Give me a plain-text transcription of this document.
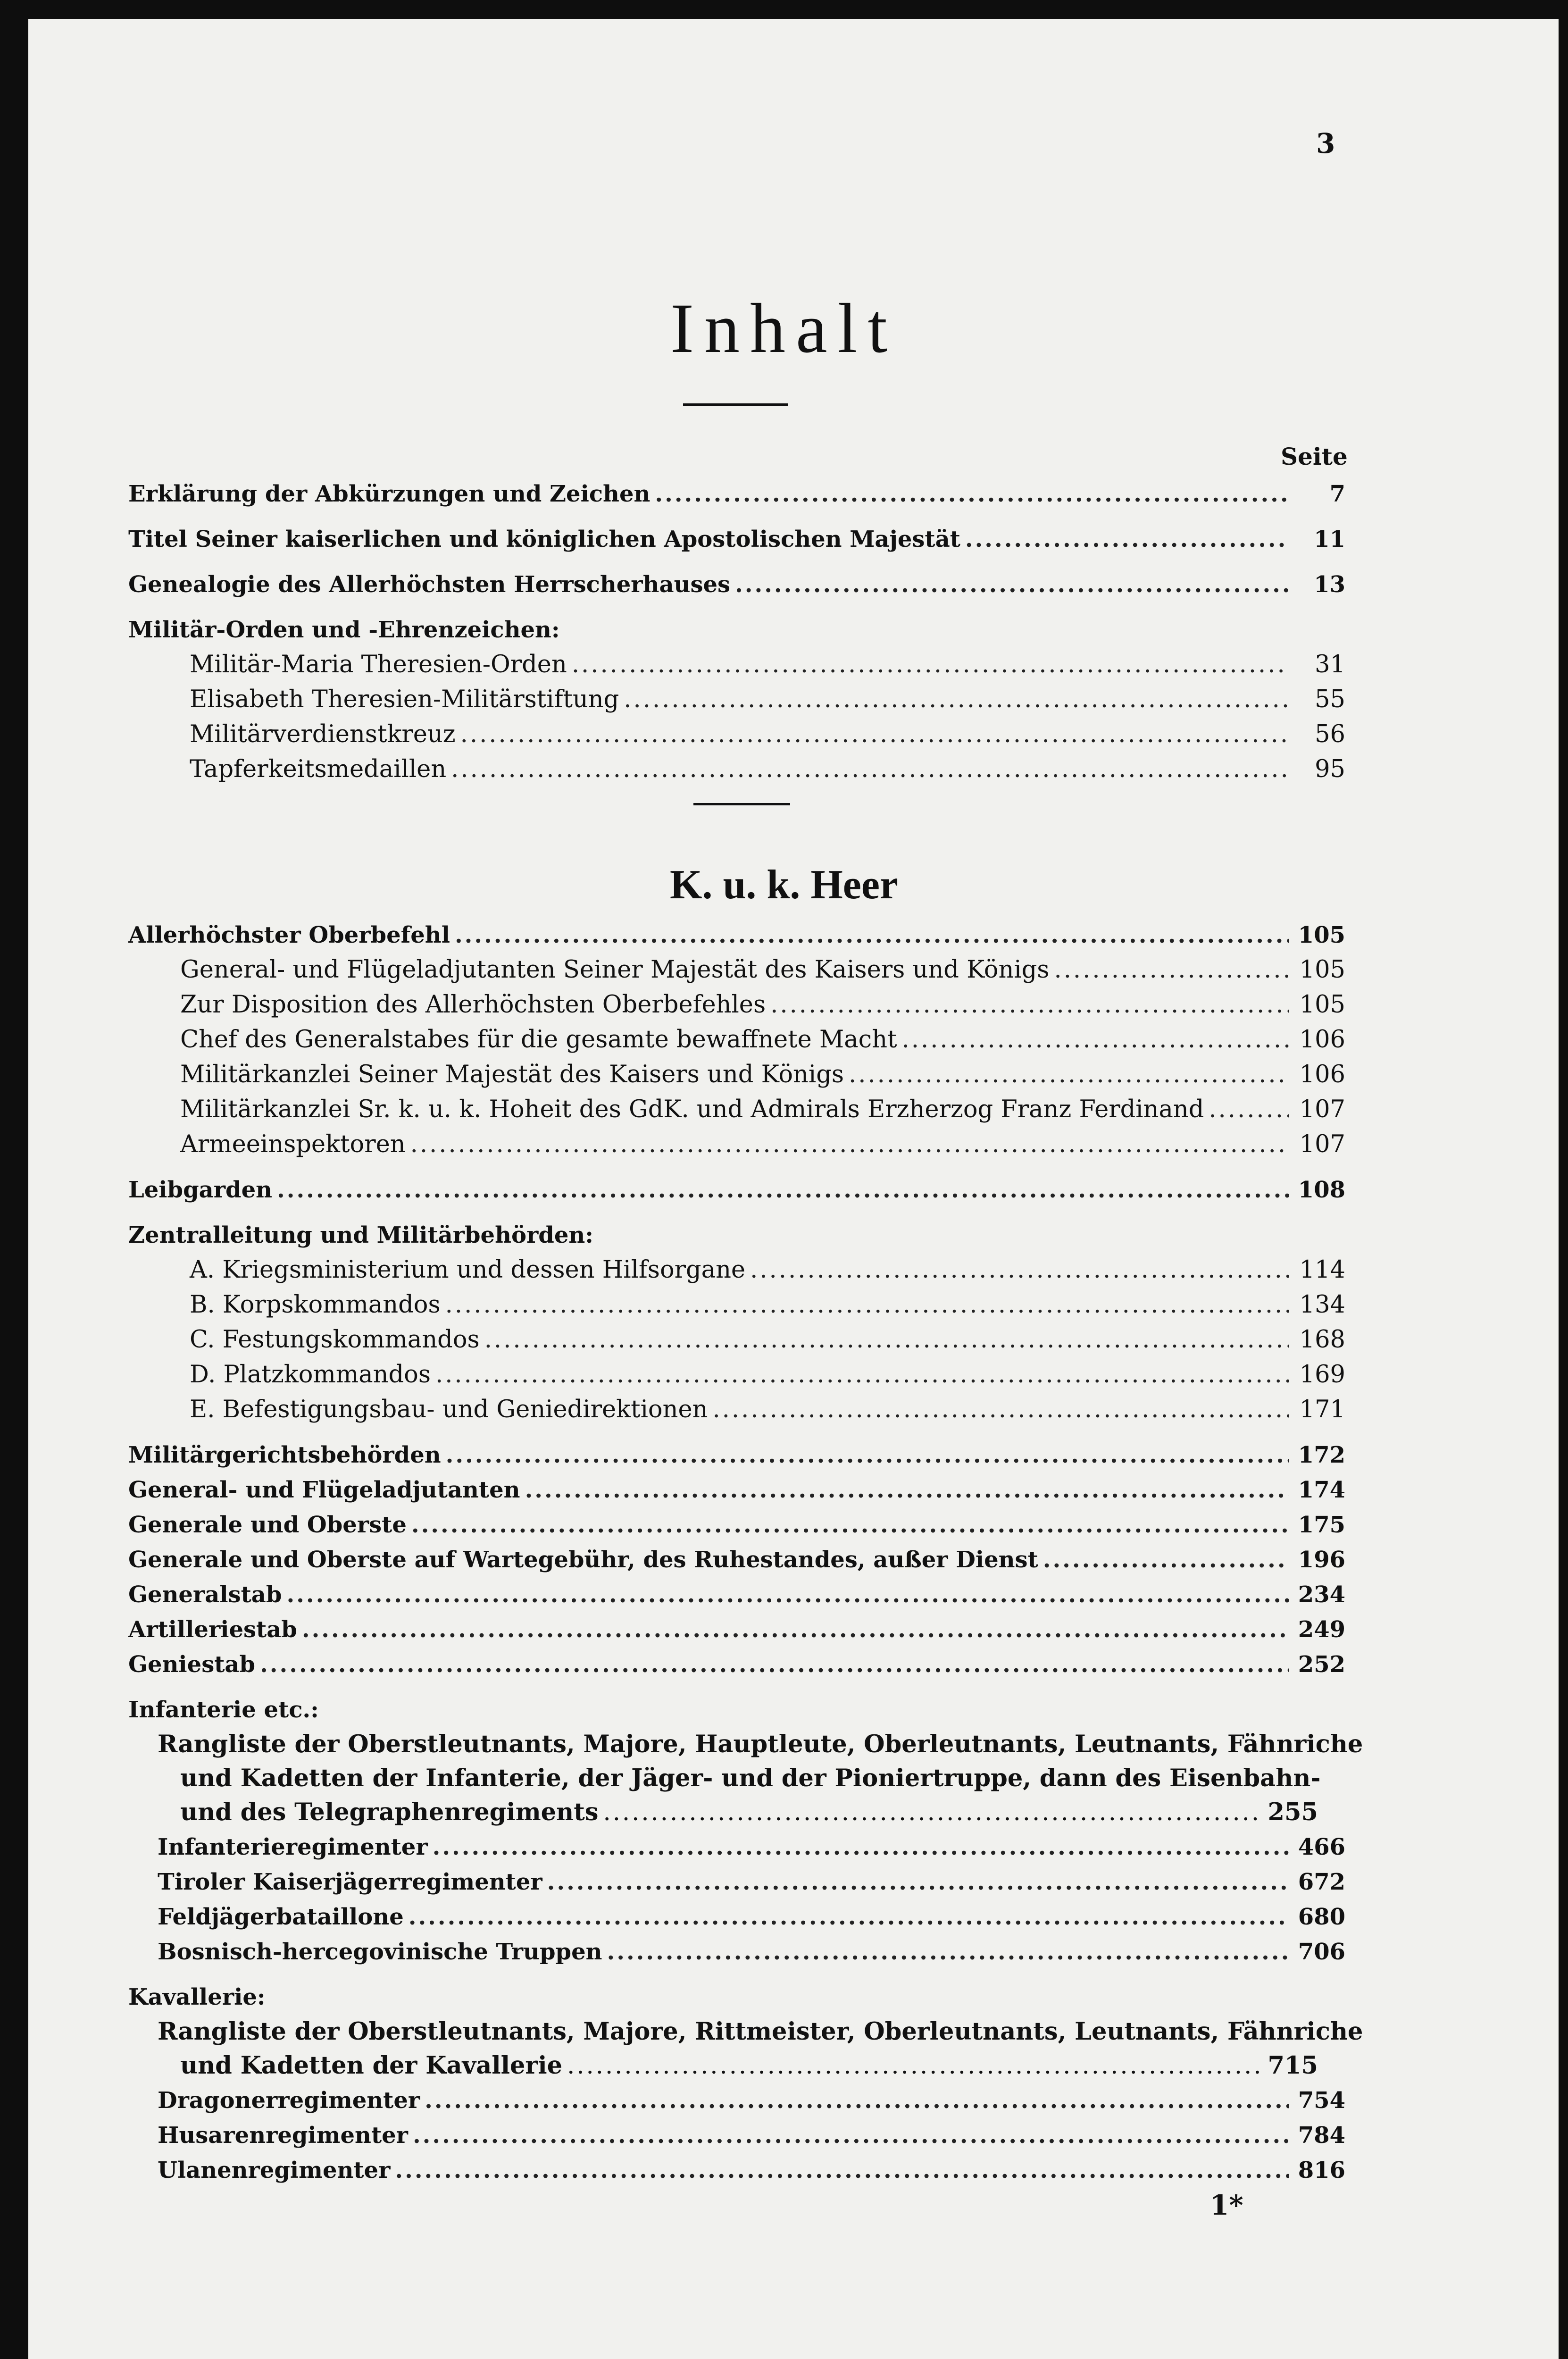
3
Inhalt
Seite
Erklärung der Abkürzungen und Zeichen .....	7
Titel Seiner kaiserlichen und königlichen Apostolischen Majestät .....	11
Genealogie des Allerhöchsten Herrscherhauses .....	13
Militär-Orden und -Ehrenzeichen:
Militär-Maria Theresien-Orden .....	31
Elisabeth Theresien-Militärstiftung .....	55
Militärverdienstkreuz .....	56
Tapferkeitsmedaillen .....	95
K. u. k. Heer
Allerhöchster Oberbefehl .....	105
General- und Flügeladjutanten Seiner Majestät des Kaisers und Königs .....	105
Zur Disposition des Allerhöchsten Oberbefehles .....	105
Chef des Generalstabes für die gesamte bewaffnete Macht .....	106
Militärkanzlei Seiner Majestät des Kaisers und Königs .....	106
Militärkanzlei Sr. k. u. k. Hoheit des GdK. und Admirals Erzherzog Franz Ferdinand .....	107
Armeeinspektoren .....	107
Leibgarden .....	108
Zentralleitung und Militärbehörden:
A. Kriegsministerium und dessen Hilfsorgane .....	114
B. Korpskommandos .....	134
C. Festungskommandos .....	168
D. Platzkommandos .....	169
E. Befestigungsbau- und Geniedirektionen .....	171
Militärgerichtsbehörden .....	172
General- und Flügeladjutanten .....	174
Generale und Oberste .....	175
Generale und Oberste auf Wartegebühr, des Ruhestandes, außer Dienst .....	196
Generalstab .....	234
Artilleriestab .....	249
Geniestab .....	252
Infanterie etc.:
Rangliste der Oberstleutnants, Majore, Hauptleute, Oberleutnants, Leutnants, Fähnriche
und Kadetten der Infanterie, der Jäger- und der Pioniertruppe, dann des Eisenbahn-
und des Telegraphenregiments .....	255
Infanterieregimenter .....	466
Tiroler Kaiserjägerregimenter .....	672
Feldjägerbataillone .....	680
Bosnisch-hercegovinische Truppen .....	706
Kavallerie:
Rangliste der Oberstleutnants, Majore, Rittmeister, Oberleutnants, Leutnants, Fähnriche
und Kadetten der Kavallerie .....	715
Dragonerregimenter .....	754
Husarenregimenter .....	784
Ulanenregimenter .....	816
1*
